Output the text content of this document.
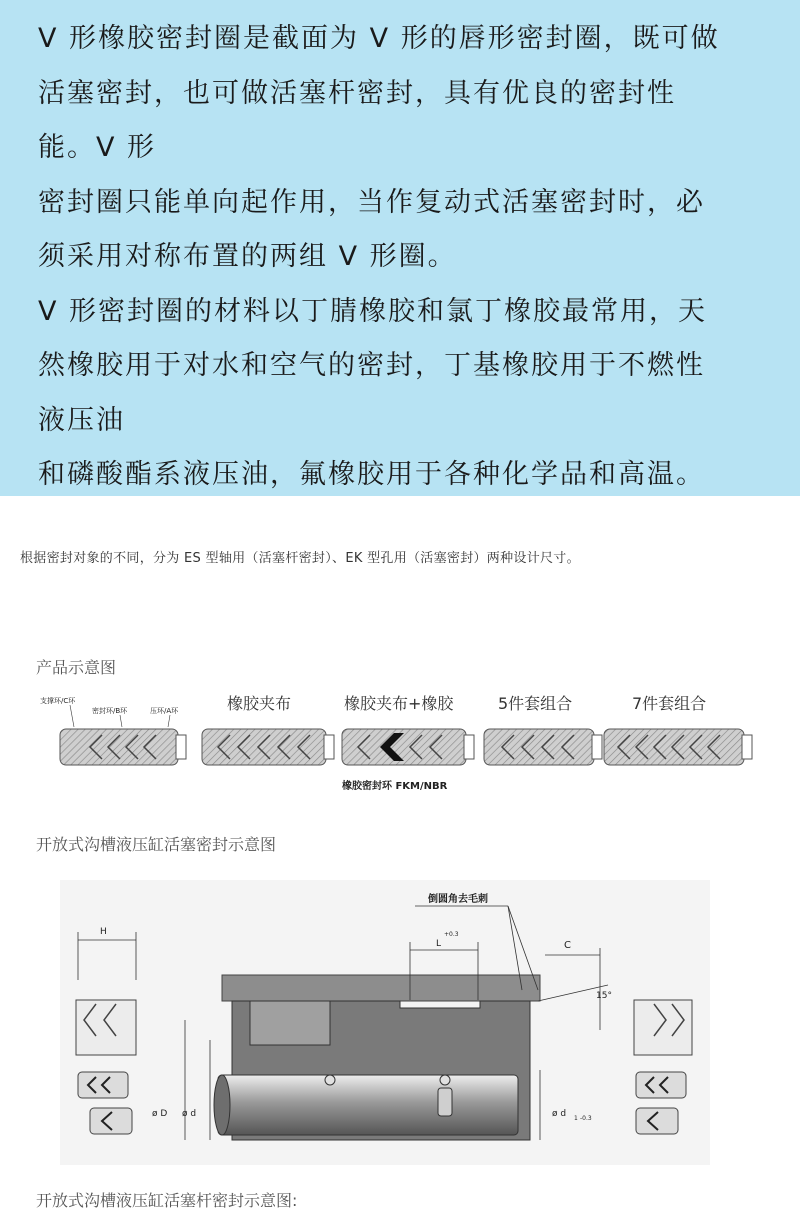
V 形橡胶密封圈是截面为 V 形的唇形密封圈，既可做

活塞密封，也可做活塞杆密封，具有优良的密封性

能。V 形

密封圈只能单向起作用，当作复动式活塞密封时，必

须采用对称布置的两组 V 形圈。

V 形密封圈的材料以丁腈橡胶和氯丁橡胶最常用，天

然橡胶用于对水和空气的密封，丁基橡胶用于不燃性

液压油

和磷酸酯系液压油，氟橡胶用于各种化学品和高温。

根据密封对象的不同，分为 ES 型轴用（活塞杆密封）、EK 型孔用（活塞密封）两种设计尺寸。
产品示意图
支撑环/C环
密封环/B环	压环/A环	橡胶夹布	橡胶夹布+橡胶	5件套组合	7件套组合
橡胶密封环 FKM/NBR
开放式沟槽液压缸活塞密封示意图
H
L
+0.3
C
15°
倒圆角去毛刺
ø D ø d	ø d 1 -0.3
开放式沟槽液压缸活塞杆密封示意图:
